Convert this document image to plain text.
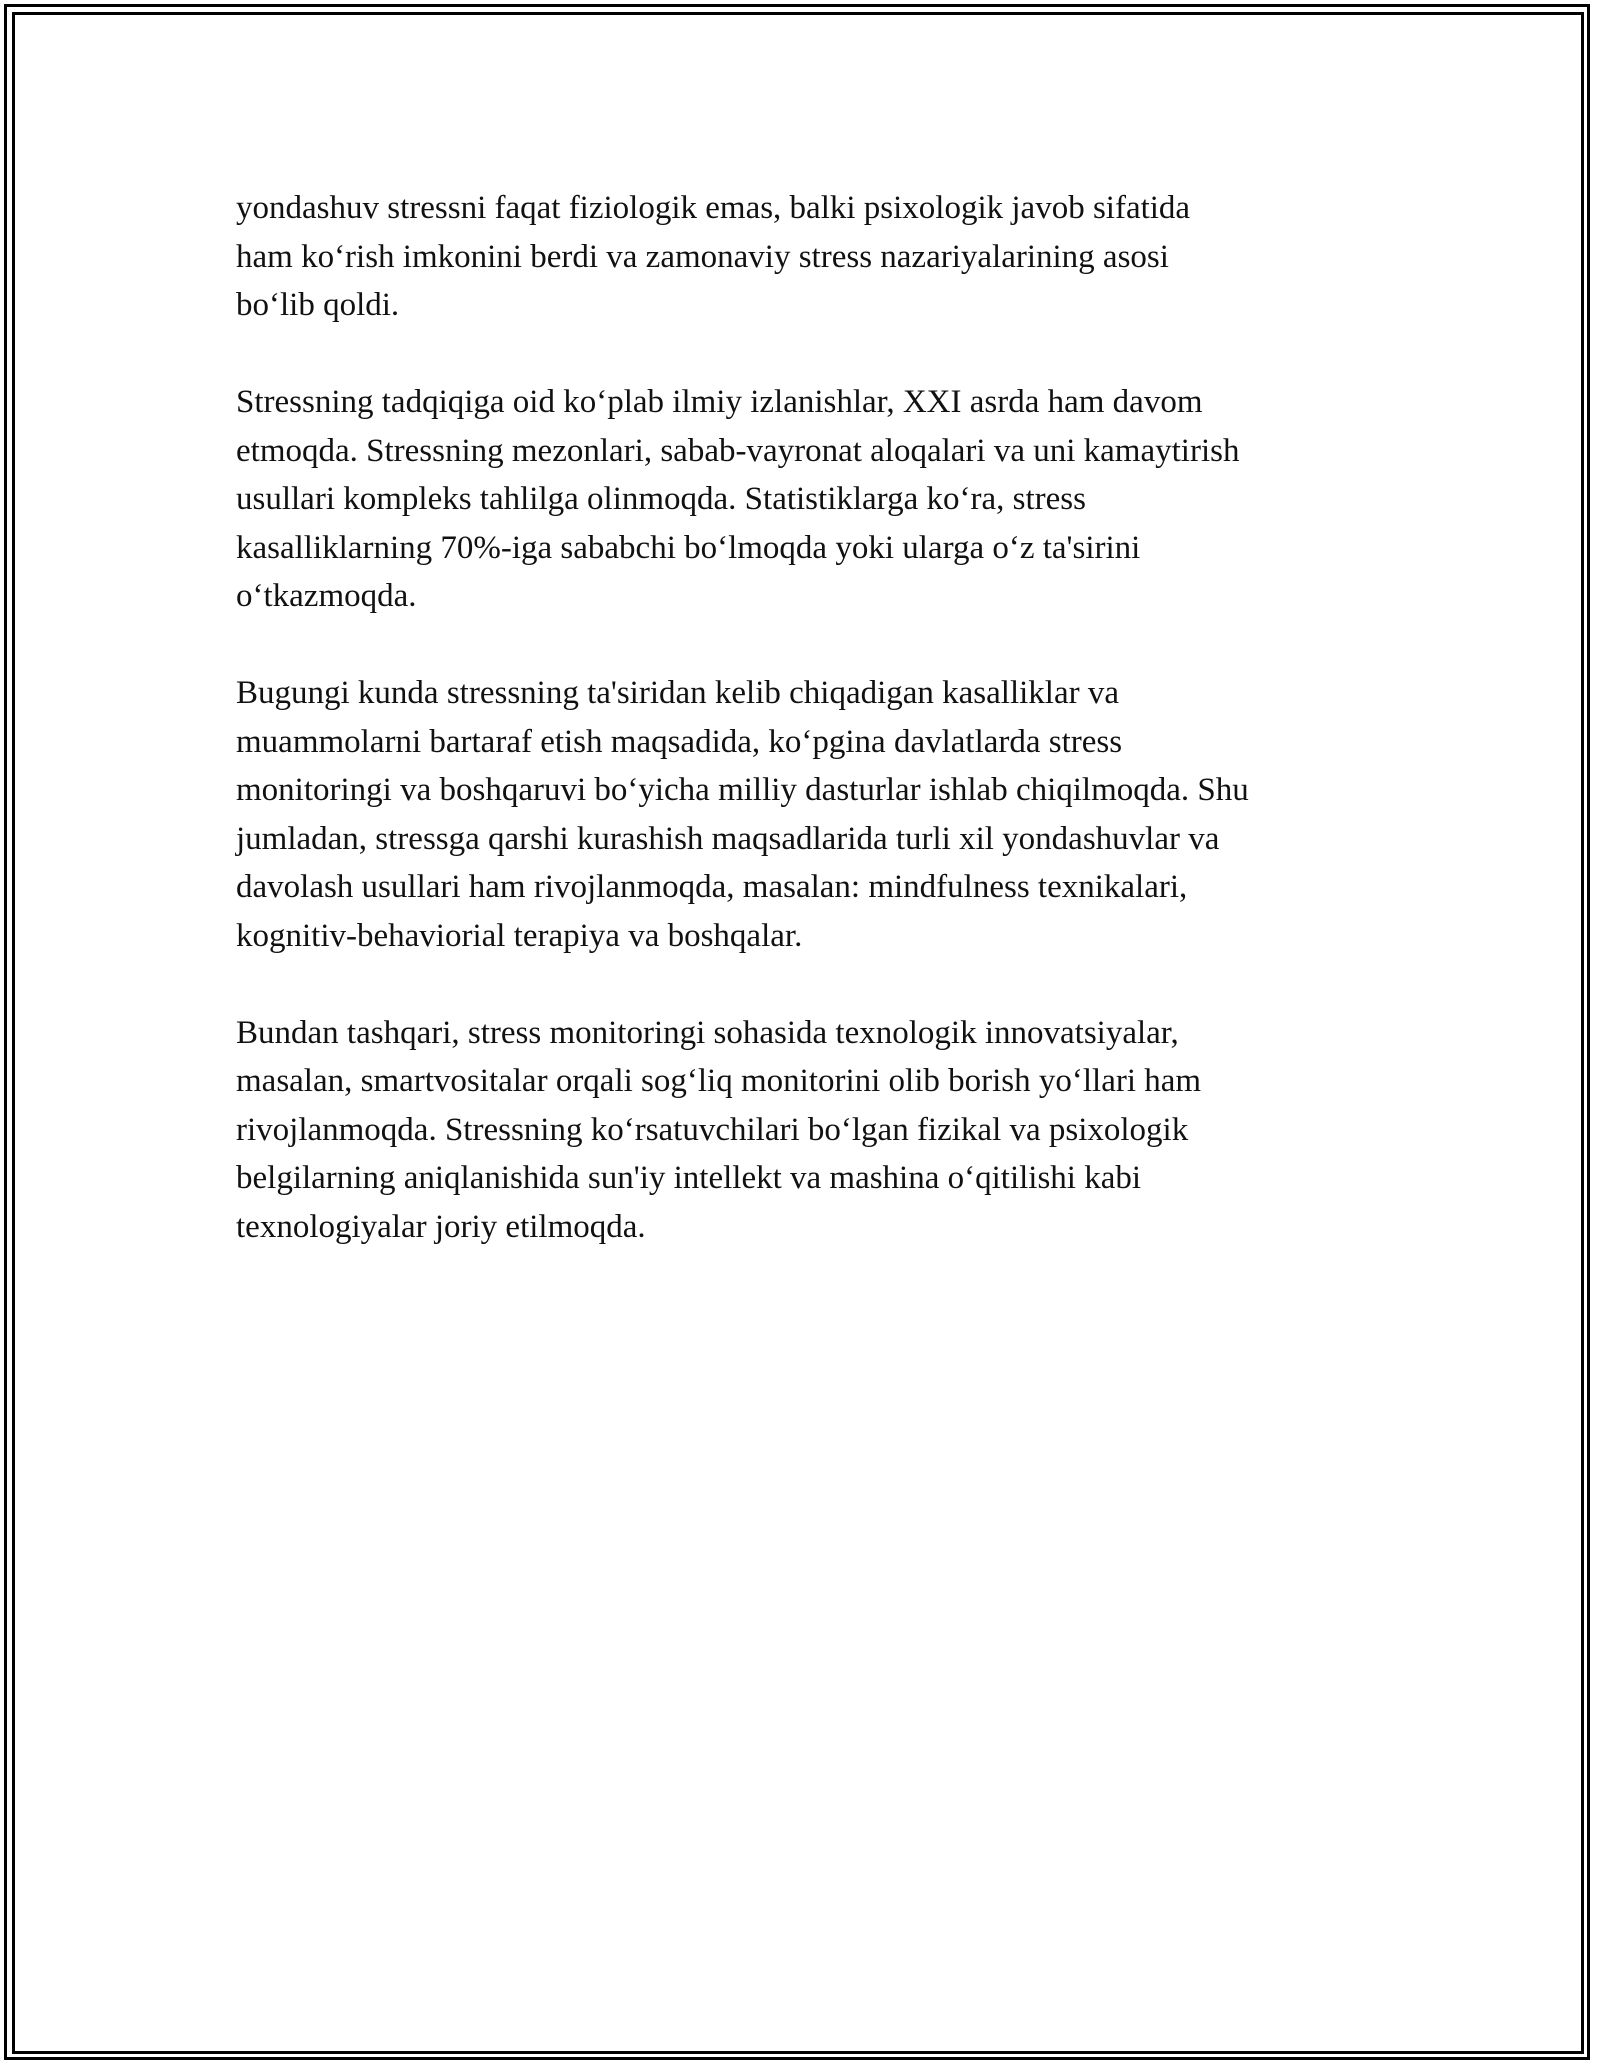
yondashuv stressni faqat fiziologik emas, balki psixologik javob sifatida
ham ko‘rish imkonini berdi va zamonaviy stress nazariyalarining asosi
bo‘lib qoldi.

Stressning tadqiqiga oid ko‘plab ilmiy izlanishlar, XXI asrda ham davom
etmoqda. Stressning mezonlari, sabab-vayronat aloqalari va uni kamaytirish
usullari kompleks tahlilga olinmoqda. Statistiklarga ko‘ra, stress
kasalliklarning 70%-iga sababchi bo‘lmoqda yoki ularga o‘z ta'sirini
o‘tkazmoqda.

Bugungi kunda stressning ta'siridan kelib chiqadigan kasalliklar va
muammolarni bartaraf etish maqsadida, ko‘pgina davlatlarda stress
monitoringi va boshqaruvi bo‘yicha milliy dasturlar ishlab chiqilmoqda. Shu
jumladan, stressga qarshi kurashish maqsadlarida turli xil yondashuvlar va
davolash usullari ham rivojlanmoqda, masalan: mindfulness texnikalari,
kognitiv-behaviorial terapiya va boshqalar.

Bundan tashqari, stress monitoringi sohasida texnologik innovatsiyalar,
masalan, smartvositalar orqali sog‘liq monitorini olib borish yo‘llari ham
rivojlanmoqda. Stressning ko‘rsatuvchilari bo‘lgan fizikal va psixologik
belgilarning aniqlanishida sun'iy intellekt va mashina o‘qitilishi kabi
texnologiyalar joriy etilmoqda.
